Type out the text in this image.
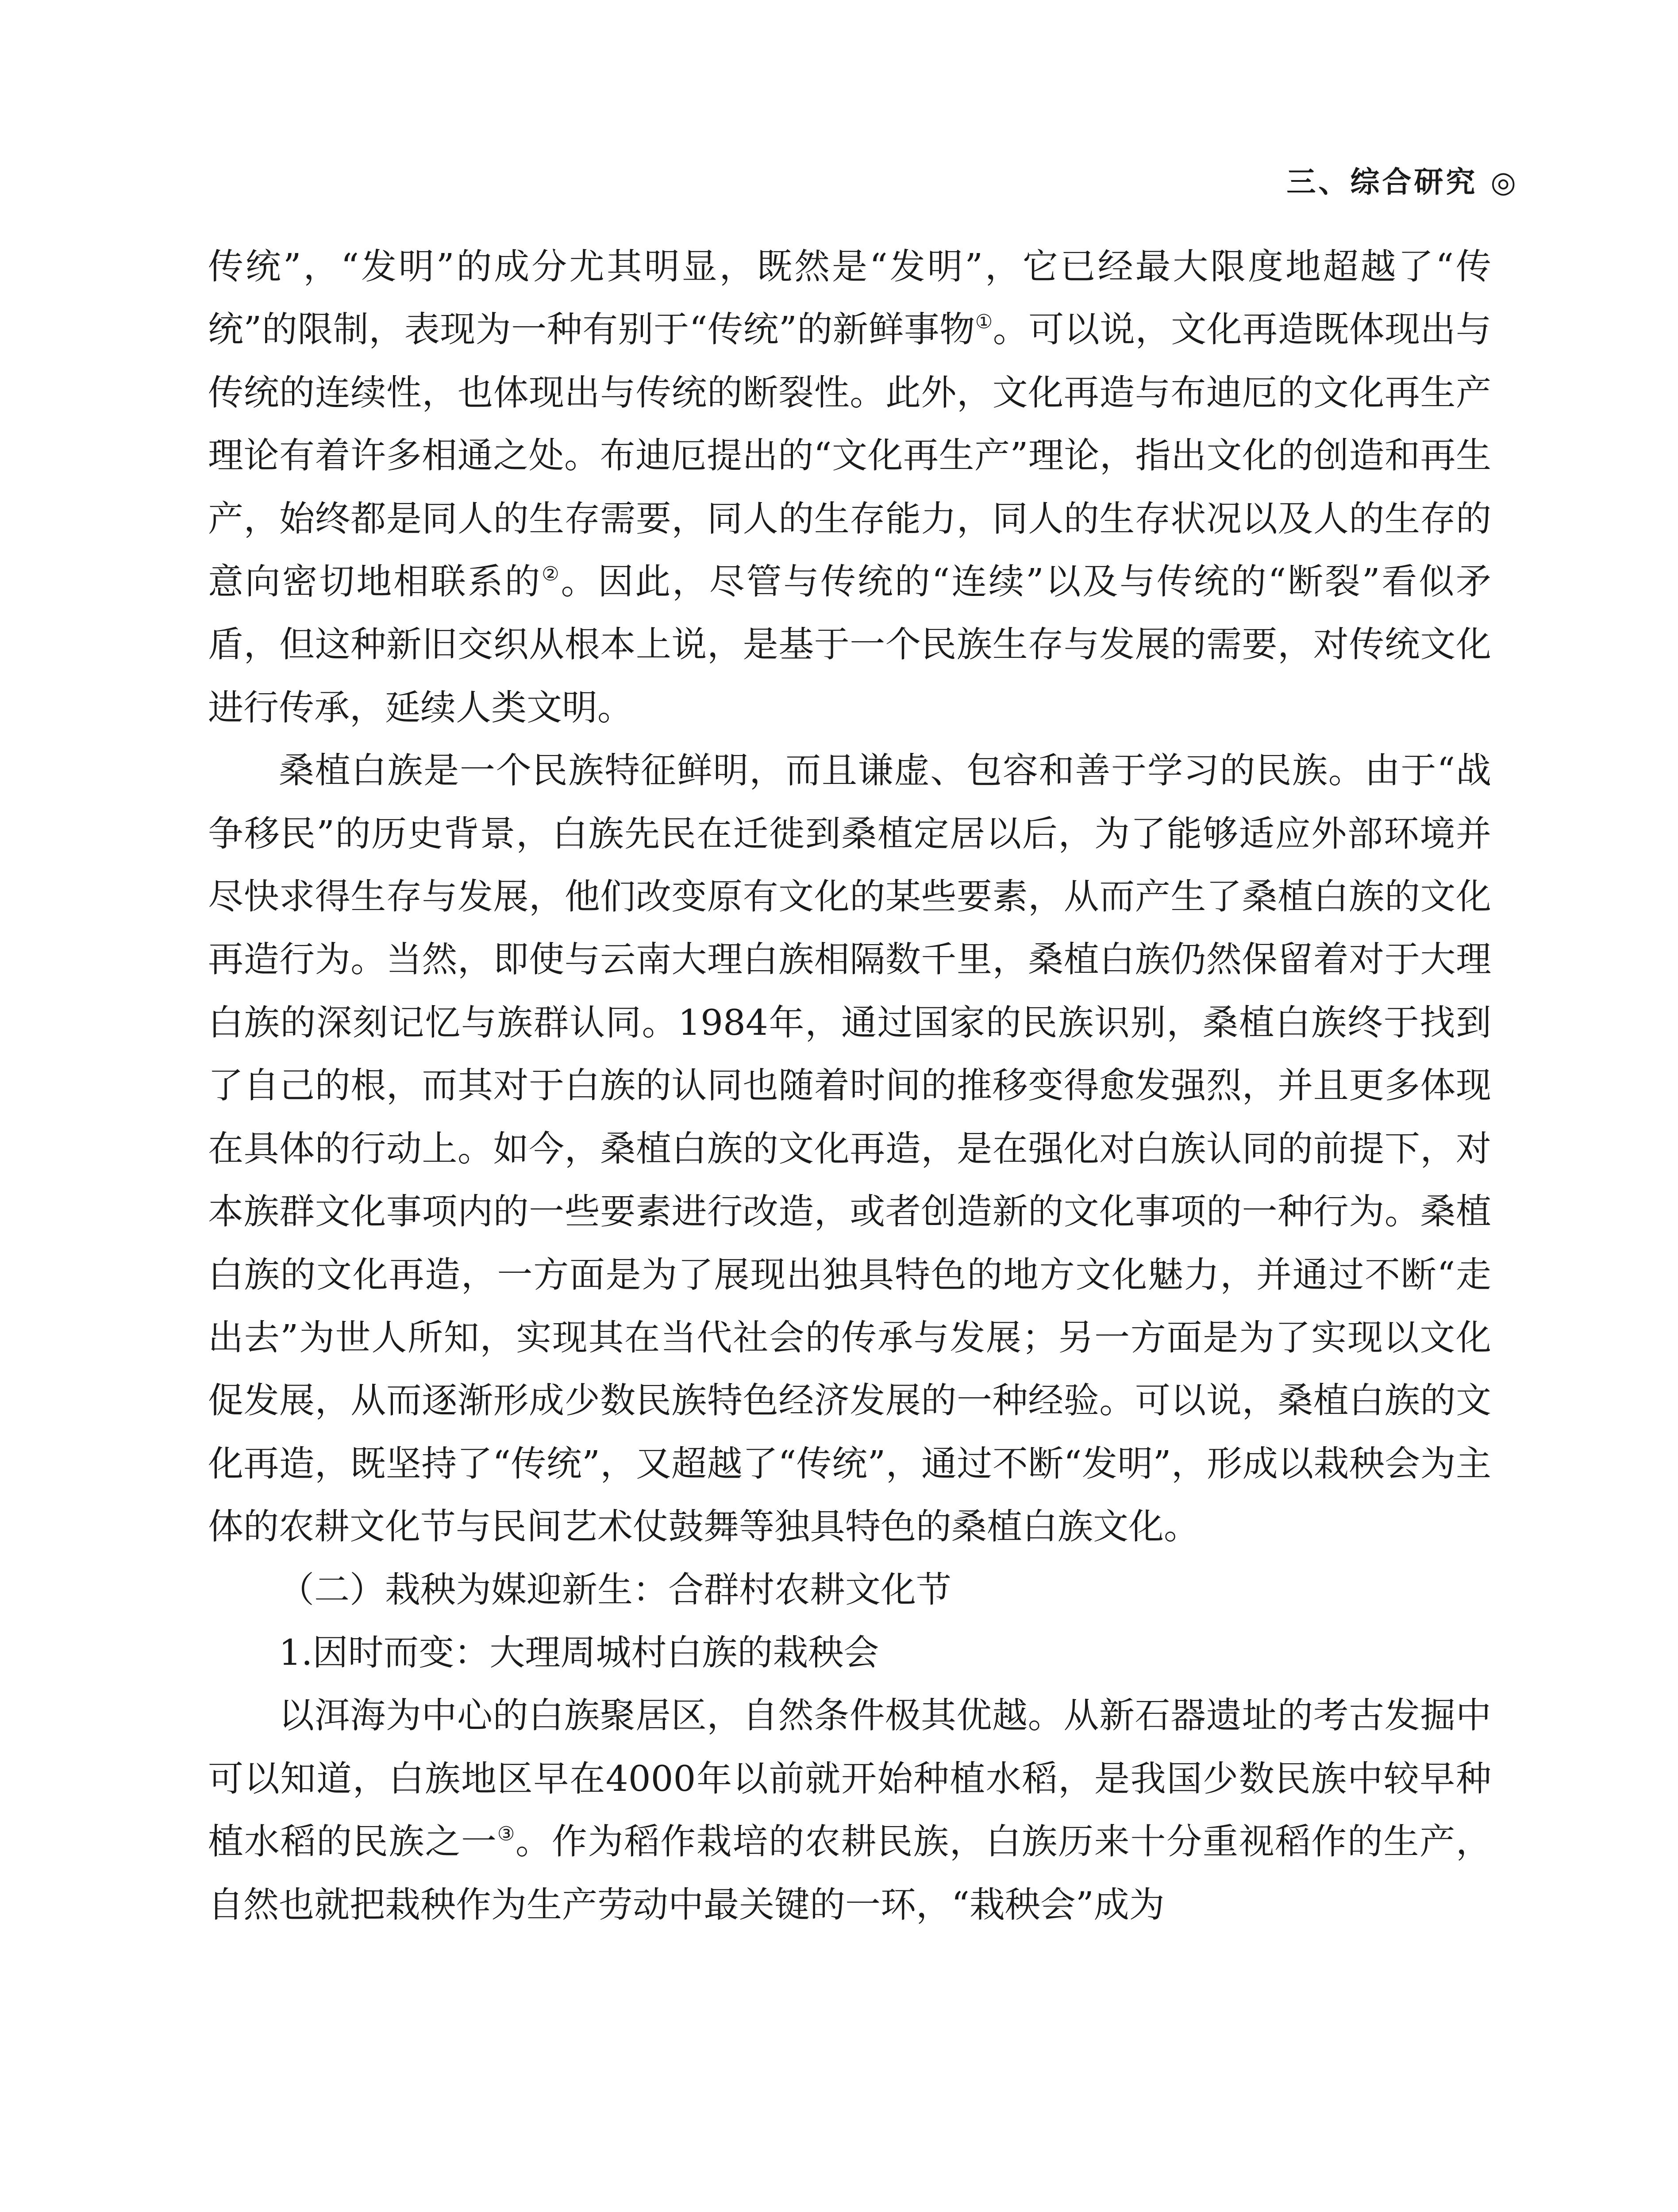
三、综合研究 ◎

传统”，“发明”的成分尤其明显，既然是“发明”，它已经最大限度地超越了“传统”的限制，表现为一种有别于“传统”的新鲜事物①。可以说，文化再造既体现出与传统的连续性，也体现出与传统的断裂性。此外，文化再造与布迪厄的文化再生产理论有着许多相通之处。布迪厄提出的“文化再生产”理论，指出文化的创造和再生产，始终都是同人的生存需要，同人的生存能力，同人的生存状况以及人的生存的意向密切地相联系的②。因此，尽管与传统的“连续”以及与传统的“断裂”看似矛盾，但这种新旧交织从根本上说，是基于一个民族生存与发展的需要，对传统文化进行传承，延续人类文明。

桑植白族是一个民族特征鲜明，而且谦虚、包容和善于学习的民族。由于“战争移民”的历史背景，白族先民在迁徙到桑植定居以后，为了能够适应外部环境并尽快求得生存与发展，他们改变原有文化的某些要素，从而产生了桑植白族的文化再造行为。当然，即使与云南大理白族相隔数千里，桑植白族仍然保留着对于大理白族的深刻记忆与族群认同。1984年，通过国家的民族识别，桑植白族终于找到了自己的根，而其对于白族的认同也随着时间的推移变得愈发强烈，并且更多体现在具体的行动上。如今，桑植白族的文化再造，是在强化对白族认同的前提下，对本族群文化事项内的一些要素进行改造，或者创造新的文化事项的一种行为。桑植白族的文化再造，一方面是为了展现出独具特色的地方文化魅力，并通过不断“走出去”为世人所知，实现其在当代社会的传承与发展；另一方面是为了实现以文化促发展，从而逐渐形成少数民族特色经济发展的一种经验。可以说，桑植白族的文化再造，既坚持了“传统”，又超越了“传统”，通过不断“发明”，形成以栽秧会为主体的农耕文化节与民间艺术仗鼓舞等独具特色的桑植白族文化。

（二）栽秧为媒迎新生：合群村农耕文化节

1.因时而变：大理周城村白族的栽秧会

以洱海为中心的白族聚居区，自然条件极其优越。从新石器遗址的考古发掘中可以知道，白族地区早在4000年以前就开始种植水稻，是我国少数民族中较早种植水稻的民族之一③。作为稻作栽培的农耕民族，白族历来十分重视稻作的生产，自然也就把栽秧作为生产劳动中最关键的一环，“栽秧会”成为
